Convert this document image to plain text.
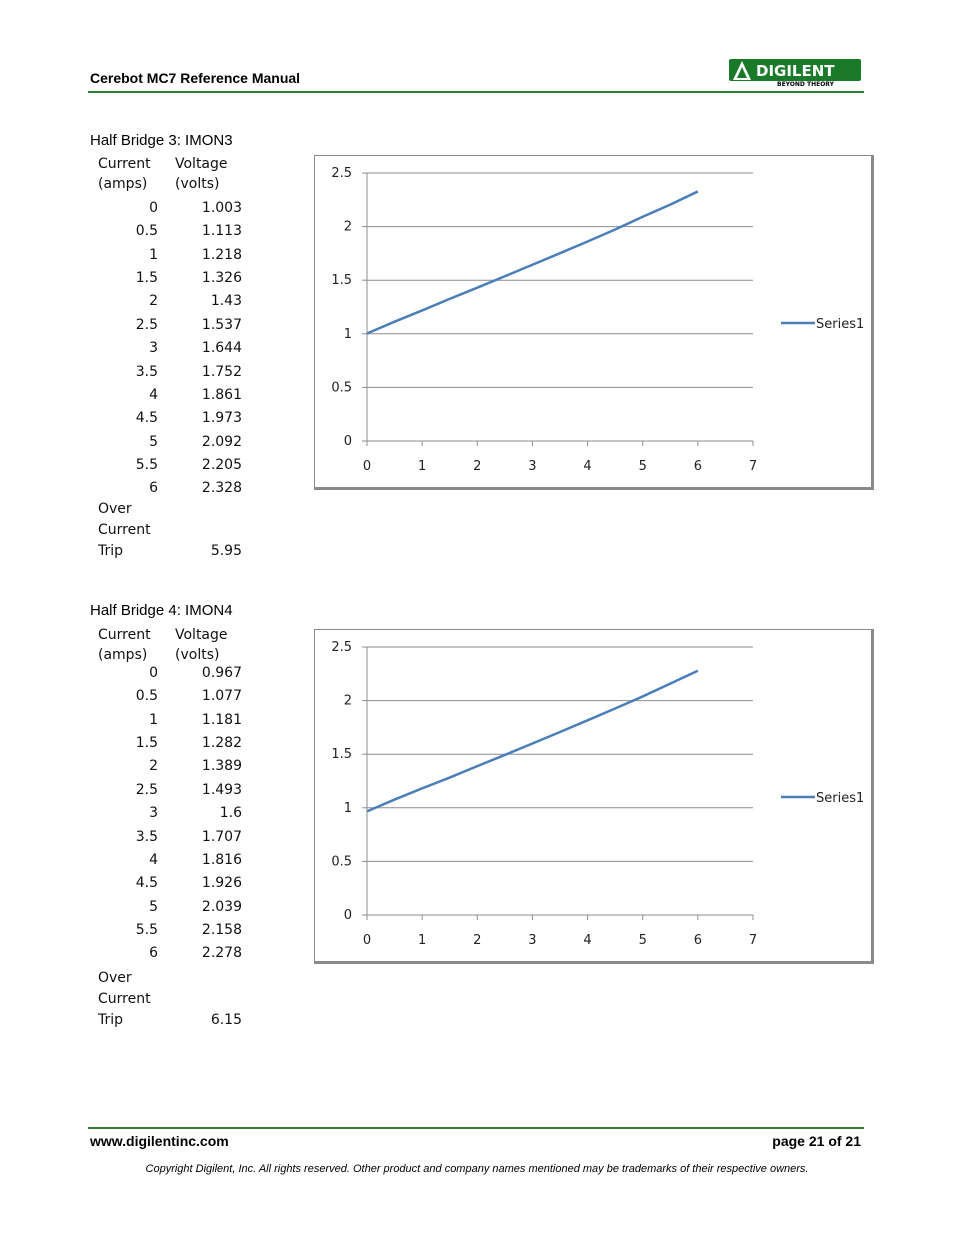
Cerebot MC7 Reference Manual	DIGILENT
BEYOND THEORY
Half Bridge 3: IMON3
Current
(amps)
Voltage
(volts)
0	1.003
0.5	1.113
1	1.218
1.5	1.326
2	1.43
2.5	1.537
3	1.644
3.5	1.752
4	1.861
4.5	1.973
5	2.092
5.5	2.205
6	2.328
Over
Current
Trip	5.95
0
0.5
1
1.5
2
2.5
0	1	2	3	4	5	6	7
Series1
Half Bridge 4: IMON4
Current
(amps)
Voltage
(volts)
0	0.967
0.5	1.077
1	1.181
1.5	1.282
2	1.389
2.5	1.493
3	1.6
3.5	1.707
4	1.816
4.5	1.926
5	2.039
5.5	2.158
6	2.278
Over
Current
Trip	6.15
0
0.5
1
1.5
2
2.5
0	1	2	3	4	5	6	7
Series1
www.digilentinc.com	page 21 of 21
Copyright Digilent, Inc. All rights reserved. Other product and company names mentioned may be trademarks of their respective owners.
